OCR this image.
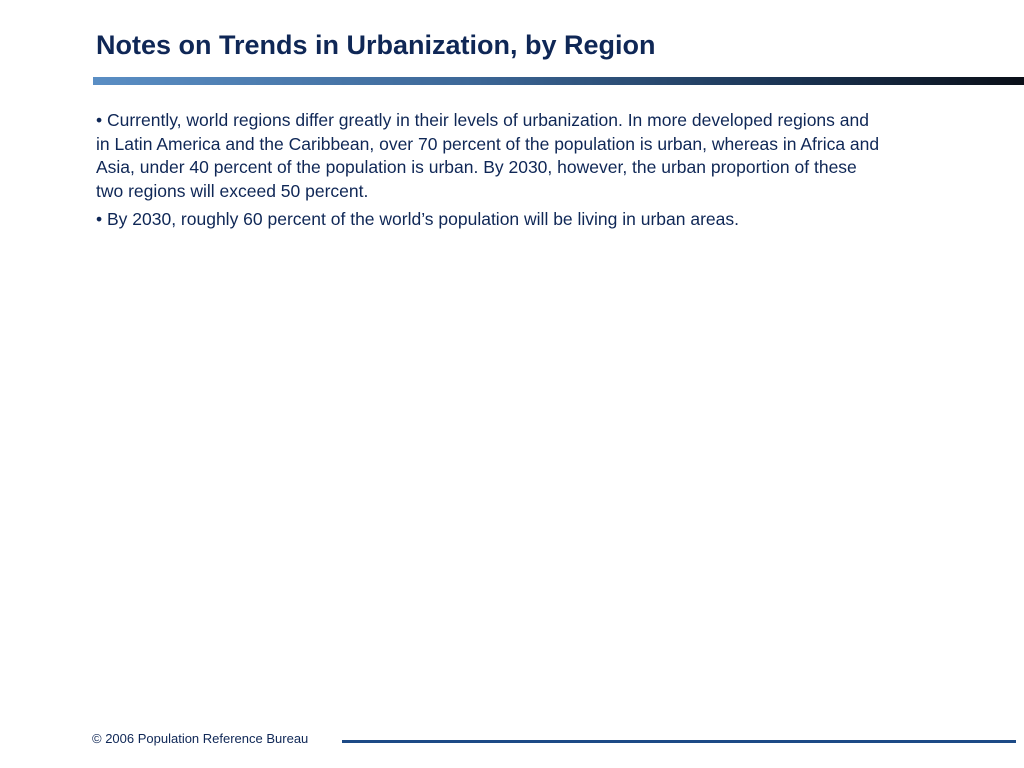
Notes on Trends in Urbanization, by Region

• Currently, world regions differ greatly in their levels of urbanization. In more developed regions and in Latin America and the Caribbean, over 70 percent of the population is urban, whereas in Africa and Asia, under 40 percent of the population is urban. By 2030, however, the urban proportion of these two regions will exceed 50 percent.

• By 2030, roughly 60 percent of the world’s population will be living in urban areas.

© 2006 Population Reference Bureau
